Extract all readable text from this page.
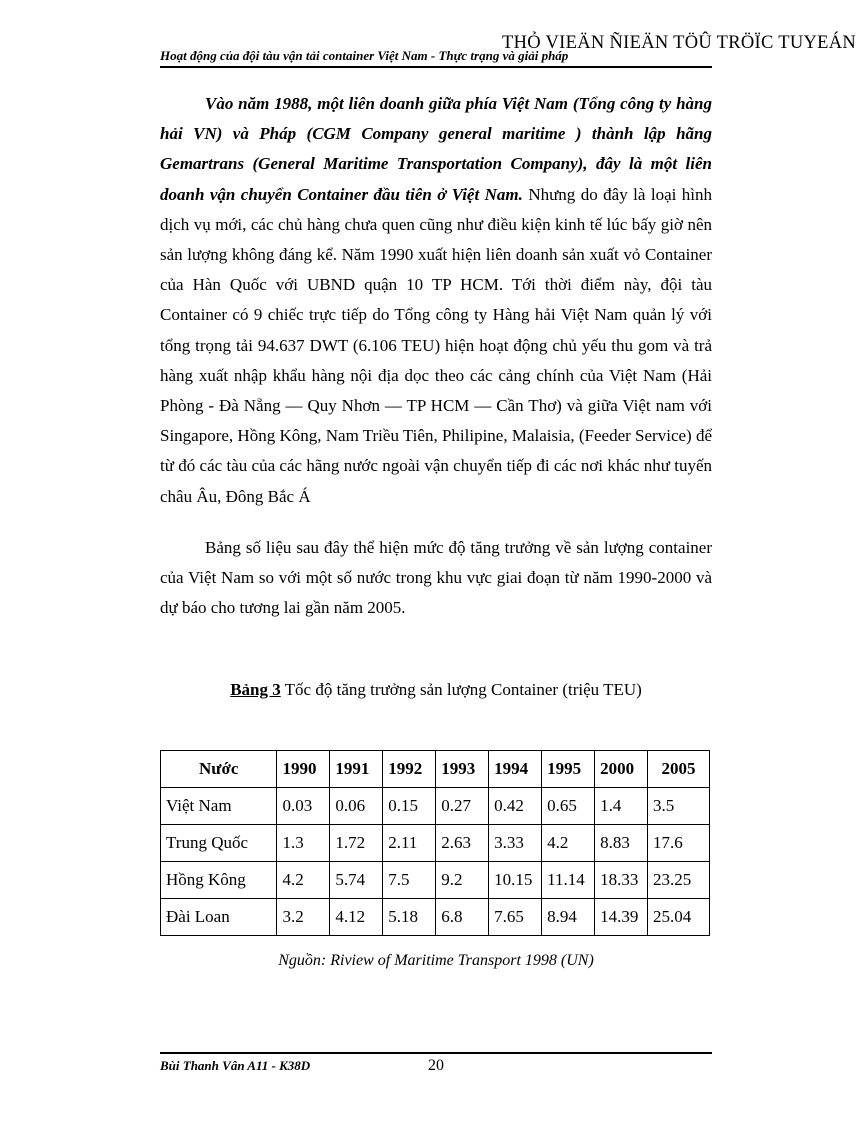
THỎ VIEÄN ÑIEÄN TÖÛ TRÖÏC TUYEÁN
Hoạt động của đội tàu vận tải container Việt Nam - Thực trạng và giải pháp

Vào năm 1988, một liên doanh giữa phía Việt Nam (Tổng công ty hàng hải VN) và Pháp (CGM Company general maritime ) thành lập hãng Gemartrans (General Maritime Transportation Company), đây là một liên doanh vận chuyển Container đầu tiên ở Việt Nam. Nhưng do đây là loại hình dịch vụ mới, các chủ hàng chưa quen cũng như điều kiện kinh tế lúc bấy giờ nên sản lượng không đáng kể. Năm 1990 xuất hiện liên doanh sản xuất vỏ Container của Hàn Quốc với UBND quận 10 TP HCM. Tới thời điểm này, đội tàu Container có 9 chiếc trực tiếp do Tổng công ty Hàng hải Việt Nam quản lý với tổng trọng tải 94.637 DWT (6.106 TEU) hiện hoạt động chủ yếu thu gom và trả hàng xuất nhập khẩu hàng nội địa dọc theo các cảng chính của Việt Nam (Hải Phòng - Đà Nẵng — Quy Nhơn — TP HCM — Cần Thơ) và giữa Việt nam với Singapore, Hồng Kông, Nam Triều Tiên, Philipine, Malaisia, (Feeder Service) để từ đó các tàu của các hãng nước ngoài vận chuyển tiếp đi các nơi khác như tuyến châu Âu, Đông Bắc Á

Bảng số liệu sau đây thể hiện mức độ tăng trưởng về sản lượng container của Việt Nam so với một số nước trong khu vực giai đoạn từ năm 1990-2000 và dự báo cho tương lai gần năm 2005.

Bảng 3 Tốc độ tăng trưởng sản lượng Container (triệu TEU)
Nước	1990	1991	1992	1993	1994	1995	2000	2005
Việt Nam	0.03	0.06	0.15	0.27	0.42	0.65	1.4	3.5
Trung Quốc	1.3	1.72	2.11	2.63	3.33	4.2	8.83	17.6
Hồng Kông	4.2	5.74	7.5	9.2	10.15	11.14	18.33	23.25
Đài Loan	3.2	4.12	5.18	6.8	7.65	8.94	14.39	25.04
Nguồn: Riview of Maritime Transport 1998 (UN)
Bùi Thanh Vân A11 - K38D	20
